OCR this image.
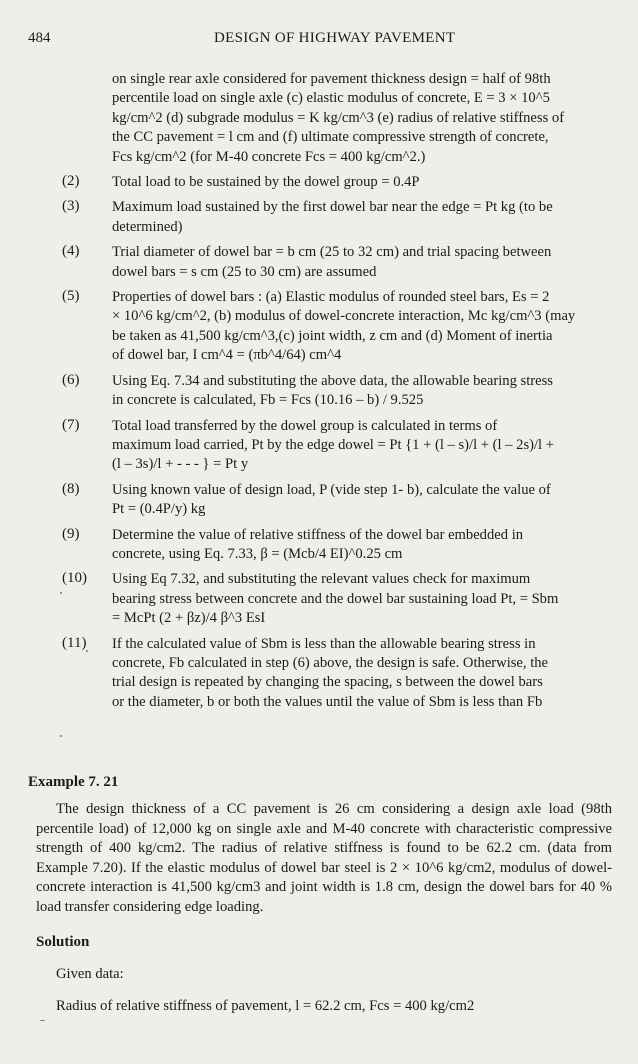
484	DESIGN OF HIGHWAY PAVEMENT

on single rear axle considered for pavement thickness design = half of 98th

percentile load on single axle (c) elastic modulus of concrete, E = 3 × 10^5

kg/cm^2 (d) subgrade modulus = K kg/cm^3 (e) radius of relative stiffness of

the CC pavement = l cm and (f) ultimate compressive strength of concrete,

Fcs kg/cm^2 (for M-40 concrete Fcs = 400 kg/cm^2.)

(2) Total load to be sustained by the dowel group = 0.4P

(3) Maximum load sustained by the first dowel bar near the edge = Pt kg (to be

determined)

(4) Trial diameter of dowel bar = b cm (25 to 32 cm) and trial spacing between

dowel bars = s cm (25 to 30 cm) are assumed

(5) Properties of dowel bars : (a) Elastic modulus of rounded steel bars, Es = 2

× 10^6 kg/cm^2, (b) modulus of dowel-concrete interaction, Mc kg/cm^3 (may

be taken as 41,500 kg/cm^3,(c) joint width, z cm and (d) Moment of inertia

of dowel bar, I cm^4 = (πb^4/64) cm^4

(6) Using Eq. 7.34 and substituting the above data, the allowable bearing stress

in concrete is calculated, Fb = Fcs (10.16 – b) / 9.525

(7) Total load transferred by the dowel group is calculated in terms of

maximum load carried, Pt by the edge dowel = Pt {1 + (l – s)/l + (l – 2s)/l +

(l – 3s)/l + - - - } = Pt y

(8) Using known value of design load, P (vide step 1- b), calculate the value of

Pt = (0.4P/y) kg

(9) Determine the value of relative stiffness of the dowel bar embedded in

concrete, using Eq. 7.33, β = (Mcb/4 EI)^0.25 cm

(10) Using Eq 7.32, and substituting the relevant values check for maximum

bearing stress between concrete and the dowel bar sustaining load Pt, = Sbm

= McPt (2 + βz)/4 β^3 EsI

(11) If the calculated value of Sbm is less than the allowable bearing stress in

concrete, Fb calculated in step (6) above, the design is safe. Otherwise, the

trial design is repeated by changing the spacing, s between the dowel bars

or the diameter, b or both the values until the value of Sbm is less than Fb

Example 7. 21

The design thickness of a CC pavement is 26 cm considering a design axle load (98th percentile load) of 12,000 kg on single axle and M-40 concrete with characteristic compressive strength of 400 kg/cm2. The radius of relative stiffness is found to be 62.2 cm. (data from Example 7.20). If the elastic modulus of dowel bar steel is 2 × 10^6 kg/cm2, modulus of dowel-concrete interaction is 41,500 kg/cm3 and joint width is 1.8 cm, design the dowel bars for 40 % load transfer considering edge loading.

Solution
Given data:
Radius of relative stiffness of pavement, l = 62.2 cm, Fcs = 400 kg/cm2
